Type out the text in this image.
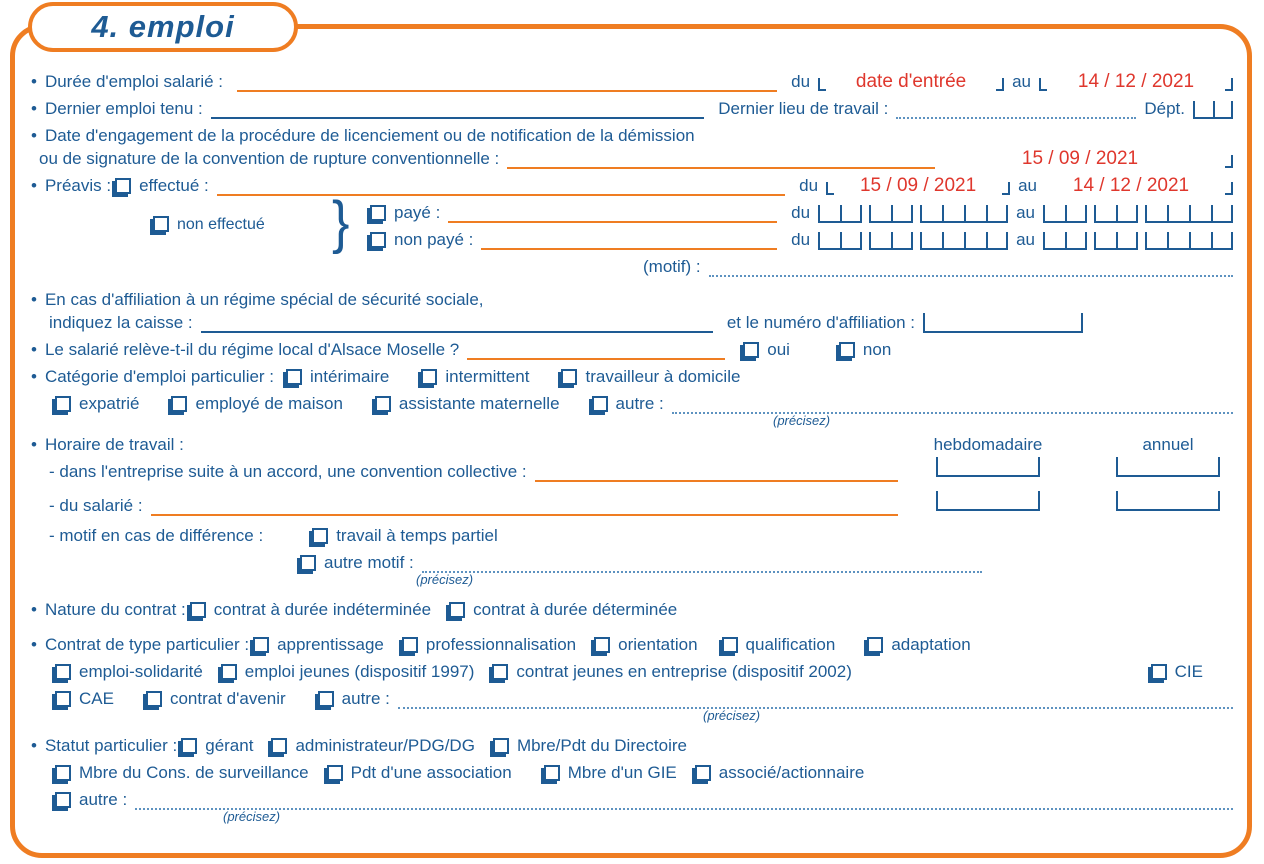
4. emploi
• Durée d'emploi salarié :	du	date d'entrée	au	14 / 12 / 2021
• Dernier emploi tenu :	Dernier lieu de travail :	Dépt.
• Date d'engagement de la procédure de licenciement ou de notification de la démission
ou de signature de la convention de rupture conventionnelle :	15 / 09 / 2021
• Préavis : effectué :	du	15 / 09 / 2021	au	14 / 12 / 2021
non effectué }	payé :	du	au
non payé :	du	au
(motif) :
• En cas d'affiliation à un régime spécial de sécurité sociale,
indiquez la caisse :	et le numéro d'affiliation :
• Le salarié relève-t-il du régime local d'Alsace Moselle ?	oui	non
• Catégorie d'emploi particulier : intérimaire	intermittent	travailleur à domicile
expatrié	employé de maison	assistante maternelle	autre :
(précisez)
• Horaire de travail :	hebdomadaire	annuel
- dans l'entreprise suite à un accord, une convention collective :
- du salarié :
- motif en cas de différence :	travail à temps partiel
autre motif :
(précisez)
• Nature du contrat : contrat à durée indéterminée contrat à durée déterminée
• Contrat de type particulier : apprentissage professionnalisation orientation	qualification	adaptation
emploi-solidarité emploi jeunes (dispositif 1997) contrat jeunes en entreprise (dispositif 2002)	CIE
CAE	contrat d'avenir	autre :
(précisez)
• Statut particulier : gérant administrateur/PDG/DG Mbre/Pdt du Directoire
Mbre du Cons. de surveillance Pdt d'une association	Mbre d'un GIE associé/actionnaire
autre :
(précisez)
